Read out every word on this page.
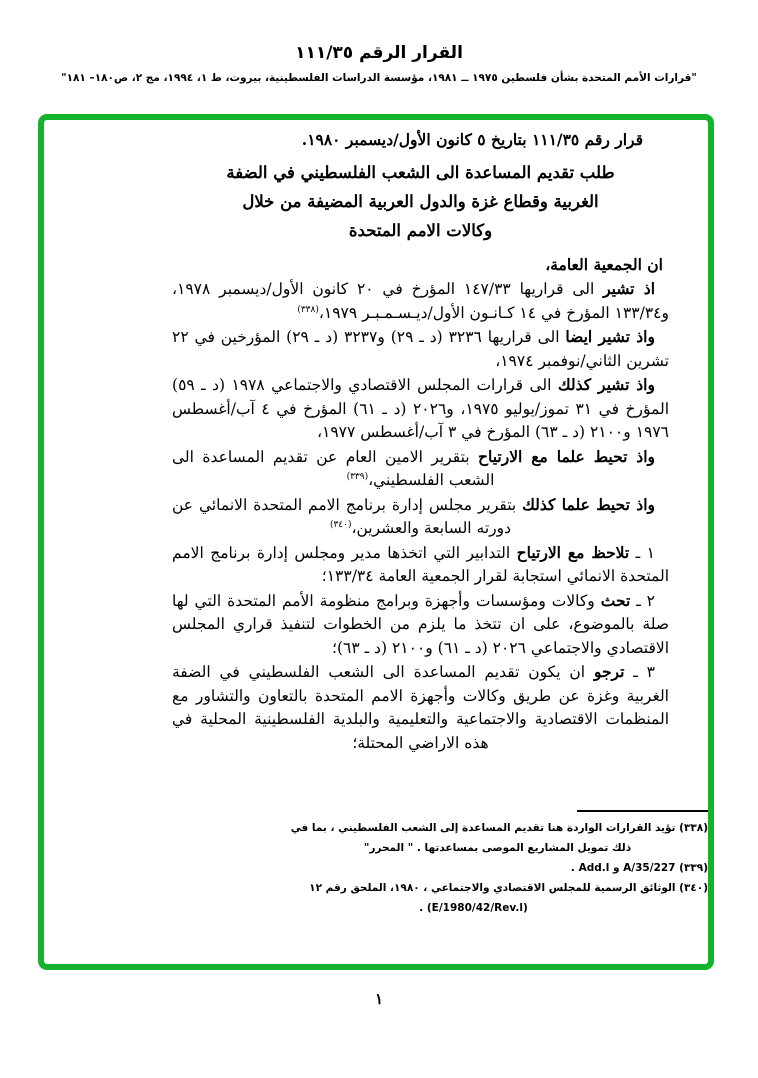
القرار الرقم ١١١/٣٥
"قرارات الأمم المتحدة بشأن فلسطين ١٩٧٥ ــ ١٩٨١، مؤسسة الدراسات الفلسطينية، بيروت، ط ١، ١٩٩٤، مج ٢، ص١٨٠– ١٨١"

قرار رقم ١١١/٣٥ بتاريخ ٥ كانون الأول/ديسمبر ١٩٨٠.

طلب تقديم المساعدة الى الشعب الفلسطيني في الضفة
الغربية وقطاع غزة والدول العربية المضيفة من خلال
وكالات الامم المتحدة

ان الجمعية العامة،

اذ تشير الى قراريها ١٤٧/٣٣ المؤرخ في ٢٠ كانون الأول/ديسمبر ١٩٧٨، و١٣٣/٣٤ المؤرخ في ١٤ كـانـون الأول/ديـسـمـبـر ١٩٧٩،$^{(٣٣٨)}$

واذ تشير ايضا الى قراريها ٣٢٣٦ (د ـ ٢٩) و٣٢٣٧ (د ـ ٢٩) المؤرخين في ٢٢ تشرين الثاني/نوفمبر ١٩٧٤،

واذ تشير كذلك الى قرارات المجلس الاقتصادي والاجتماعي ١٩٧٨ (د ـ ٥٩) المؤرخ في ٣١ تموز/يوليو ١٩٧٥، و٢٠٢٦ (د ـ ٦١) المؤرخ في ٤ آب/أغسطس ١٩٧٦ و٢١٠٠ (د ـ ٦٣) المؤرخ في ٣ آب/أغسطس ١٩٧٧،

واذ تحيط علما مع الارتياح بتقرير الامين العام عن تقديم المساعدة الى الشعب الفلسطيني،$^{(٣٣٩)}$

واذ تحيط علما كذلك بتقرير مجلس إدارة برنامج الامم المتحدة الانمائي عن دورته السابعة والعشرين،$^{(٣٤٠)}$

١ ـ تلاحظ مع الارتياح التدابير التي اتخذها مدير ومجلس إدارة برنامج الامم المتحدة الانمائي استجابة لقرار الجمعية العامة ١٣٣/٣٤؛

٢ ـ تحث وكالات ومؤسسات وأجهزة وبرامج منظومة الأمم المتحدة التي لها صلة بالموضوع، على ان تتخذ ما يلزم من الخطوات لتنفيذ قراري المجلس الاقتصادي والاجتماعي ٢٠٢٦ (د ـ ٦١) و٢١٠٠ (د ـ ٦٣)؛

٣ ـ ترجو ان يكون تقديم المساعدة الى الشعب الفلسطيني في الضفة الغربية وغزة عن طريق وكالات وأجهزة الامم المتحدة بالتعاون والتشاور مع المنظمات الاقتصادية والاجتماعية والتعليمية والبلدية الفلسطينية المحلية في هذه الاراضي المحتلة؛

(٣٣٨) تؤيد القرارات الواردة هنا تقديم المساعدة إلى الشعب الفلسطيني ، بما في

ذلك تمويل المشاريع الموصى بمساعدتها . " المحرر"

(٣٣٩) A/35/227 و Add.l .

(٣٤٠) الوثائق الرسمية للمجلس الاقتصادي والاجتماعي ، ١٩٨٠، الملحق رقم ١٢

(E/1980/42/Rev.l) .

١
